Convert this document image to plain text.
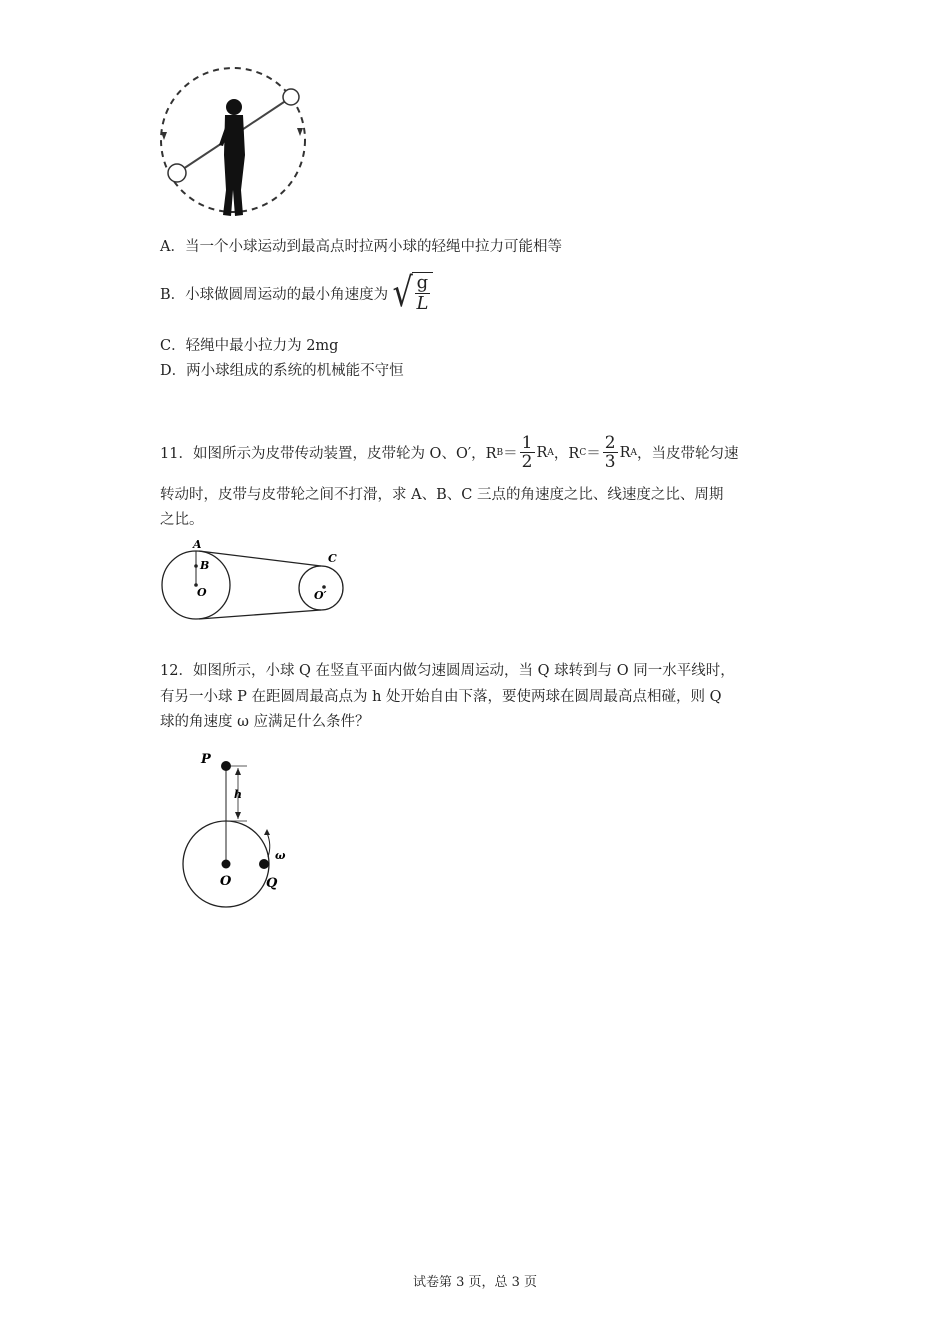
A．当一个小球运动到最高点时拉两小球的轻绳中拉力可能相等
B．小球做圆周运动的最小角速度为 √
$\frac{g}{L}$
C．轻绳中最小拉力为 2mg
D．两小球组成的系统的机械能不守恒
11．如图所示为皮带传动装置，皮带轮为 O、O′，R $B = \frac{1}{2}$ R A ，R $C = \frac{2}{3}$ R A ，当皮带轮匀速
转动时，皮带与皮带轮之间不打滑，求 A、B、C 三点的角速度之比、线速度之比、周期
之比。
A
B
O
C
O′
12．如图所示，小球 Q 在竖直平面内做匀速圆周运动，当 Q 球转到与 O 同一水平线时，
有另一小球 P 在距圆周最高点为 h 处开始自由下落，要使两球在圆周最高点相碰，则 Q
球的角速度 ω 应满足什么条件？
P
h
O	Q
ω
试卷第 3 页，总 3 页
